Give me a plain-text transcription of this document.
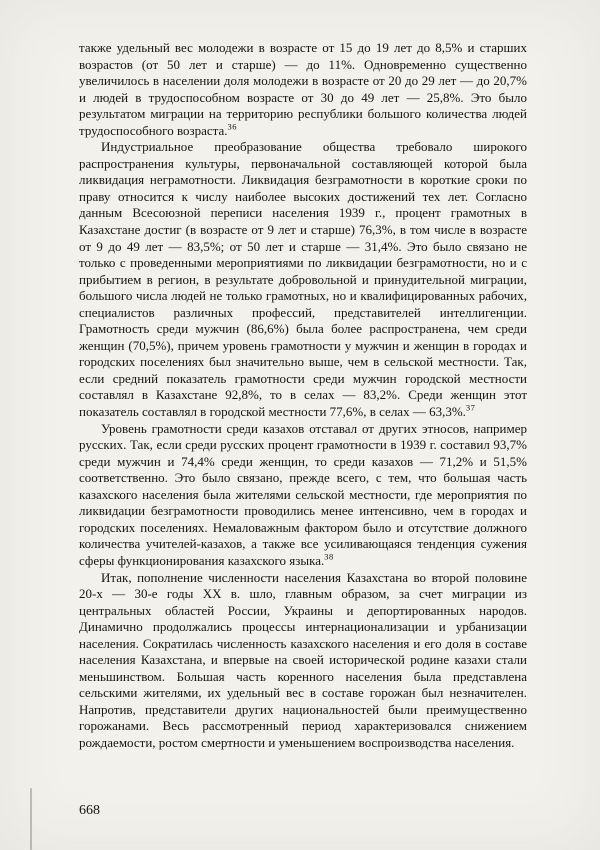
также удельный вес молодежи в возрасте от 15 до 19 лет до 8,5% и старших возрастов (от 50 лет и старше) — до 11%. Одновременно существенно увеличилось в населении доля молодежи в возрасте от 20 до 29 лет — до 20,7% и людей в трудоспособном возрасте от 30 до 49 лет — 25,8%. Это было результатом миграции на территорию республики большого количества людей трудоспособного возраста.$^{36}$

Индустриальное преобразование общества требовало широкого распространения культуры, первоначальной составляющей которой была ликвидация неграмотности. Ликвидация безграмотности в короткие сроки по праву относится к числу наиболее высоких достижений тех лет. Согласно данным Всесоюзной переписи населения 1939 г., процент грамотных в Казахстане достиг (в возрасте от 9 лет и старше) 76,3%, в том числе в возрасте от 9 до 49 лет — 83,5%; от 50 лет и старше — 31,4%. Это было связано не только с проведенными мероприятиями по ликвидации безграмотности, но и с прибытием в регион, в результате добровольной и принудительной миграции, большого числа людей не только грамотных, но и квалифицированных рабочих, специалистов различных профессий, представителей интеллигенции. Грамотность среди мужчин (86,6%) была более распространена, чем среди женщин (70,5%), причем уровень грамотности у мужчин и женщин в городах и городских поселениях был значительно выше, чем в сельской местности. Так, если средний показатель грамотности среди мужчин городской местности составлял в Казахстане 92,8%, то в селах — 83,2%. Среди женщин этот показатель составлял в городской местности 77,6%, в селах — 63,3%.$^{37}$

Уровень грамотности среди казахов отставал от других этносов, например русских. Так, если среди русских процент грамотности в 1939 г. составил 93,7% среди мужчин и 74,4% среди женщин, то среди казахов — 71,2% и 51,5% соответственно. Это было связано, прежде всего, с тем, что большая часть казахского населения была жителями сельской местности, где мероприятия по ликвидации безграмотности проводились менее интенсивно, чем в городах и городских поселениях. Немаловажным фактором было и отсутствие должного количества учителей-казахов, а также все усиливающаяся тенденция сужения сферы функционирования казахского языка.$^{38}$

Итак, пополнение численности населения Казахстана во второй половине 20-х — 30-е годы XX в. шло, главным образом, за счет миграции из центральных областей России, Украины и депортированных народов. Динамично продолжались процессы интернационализации и урбанизации населения. Сократилась численность казахского населения и его доля в составе населения Казахстана, и впервые на своей исторической родине казахи стали меньшинством. Большая часть коренного населения была представлена сельскими жителями, их удельный вес в составе горожан был незначителен. Напротив, представители других национальностей были преимущественно горожанами. Весь рассмотренный период характеризовался снижением рождаемости, ростом смертности и уменьшением воспроизводства населения.

668
